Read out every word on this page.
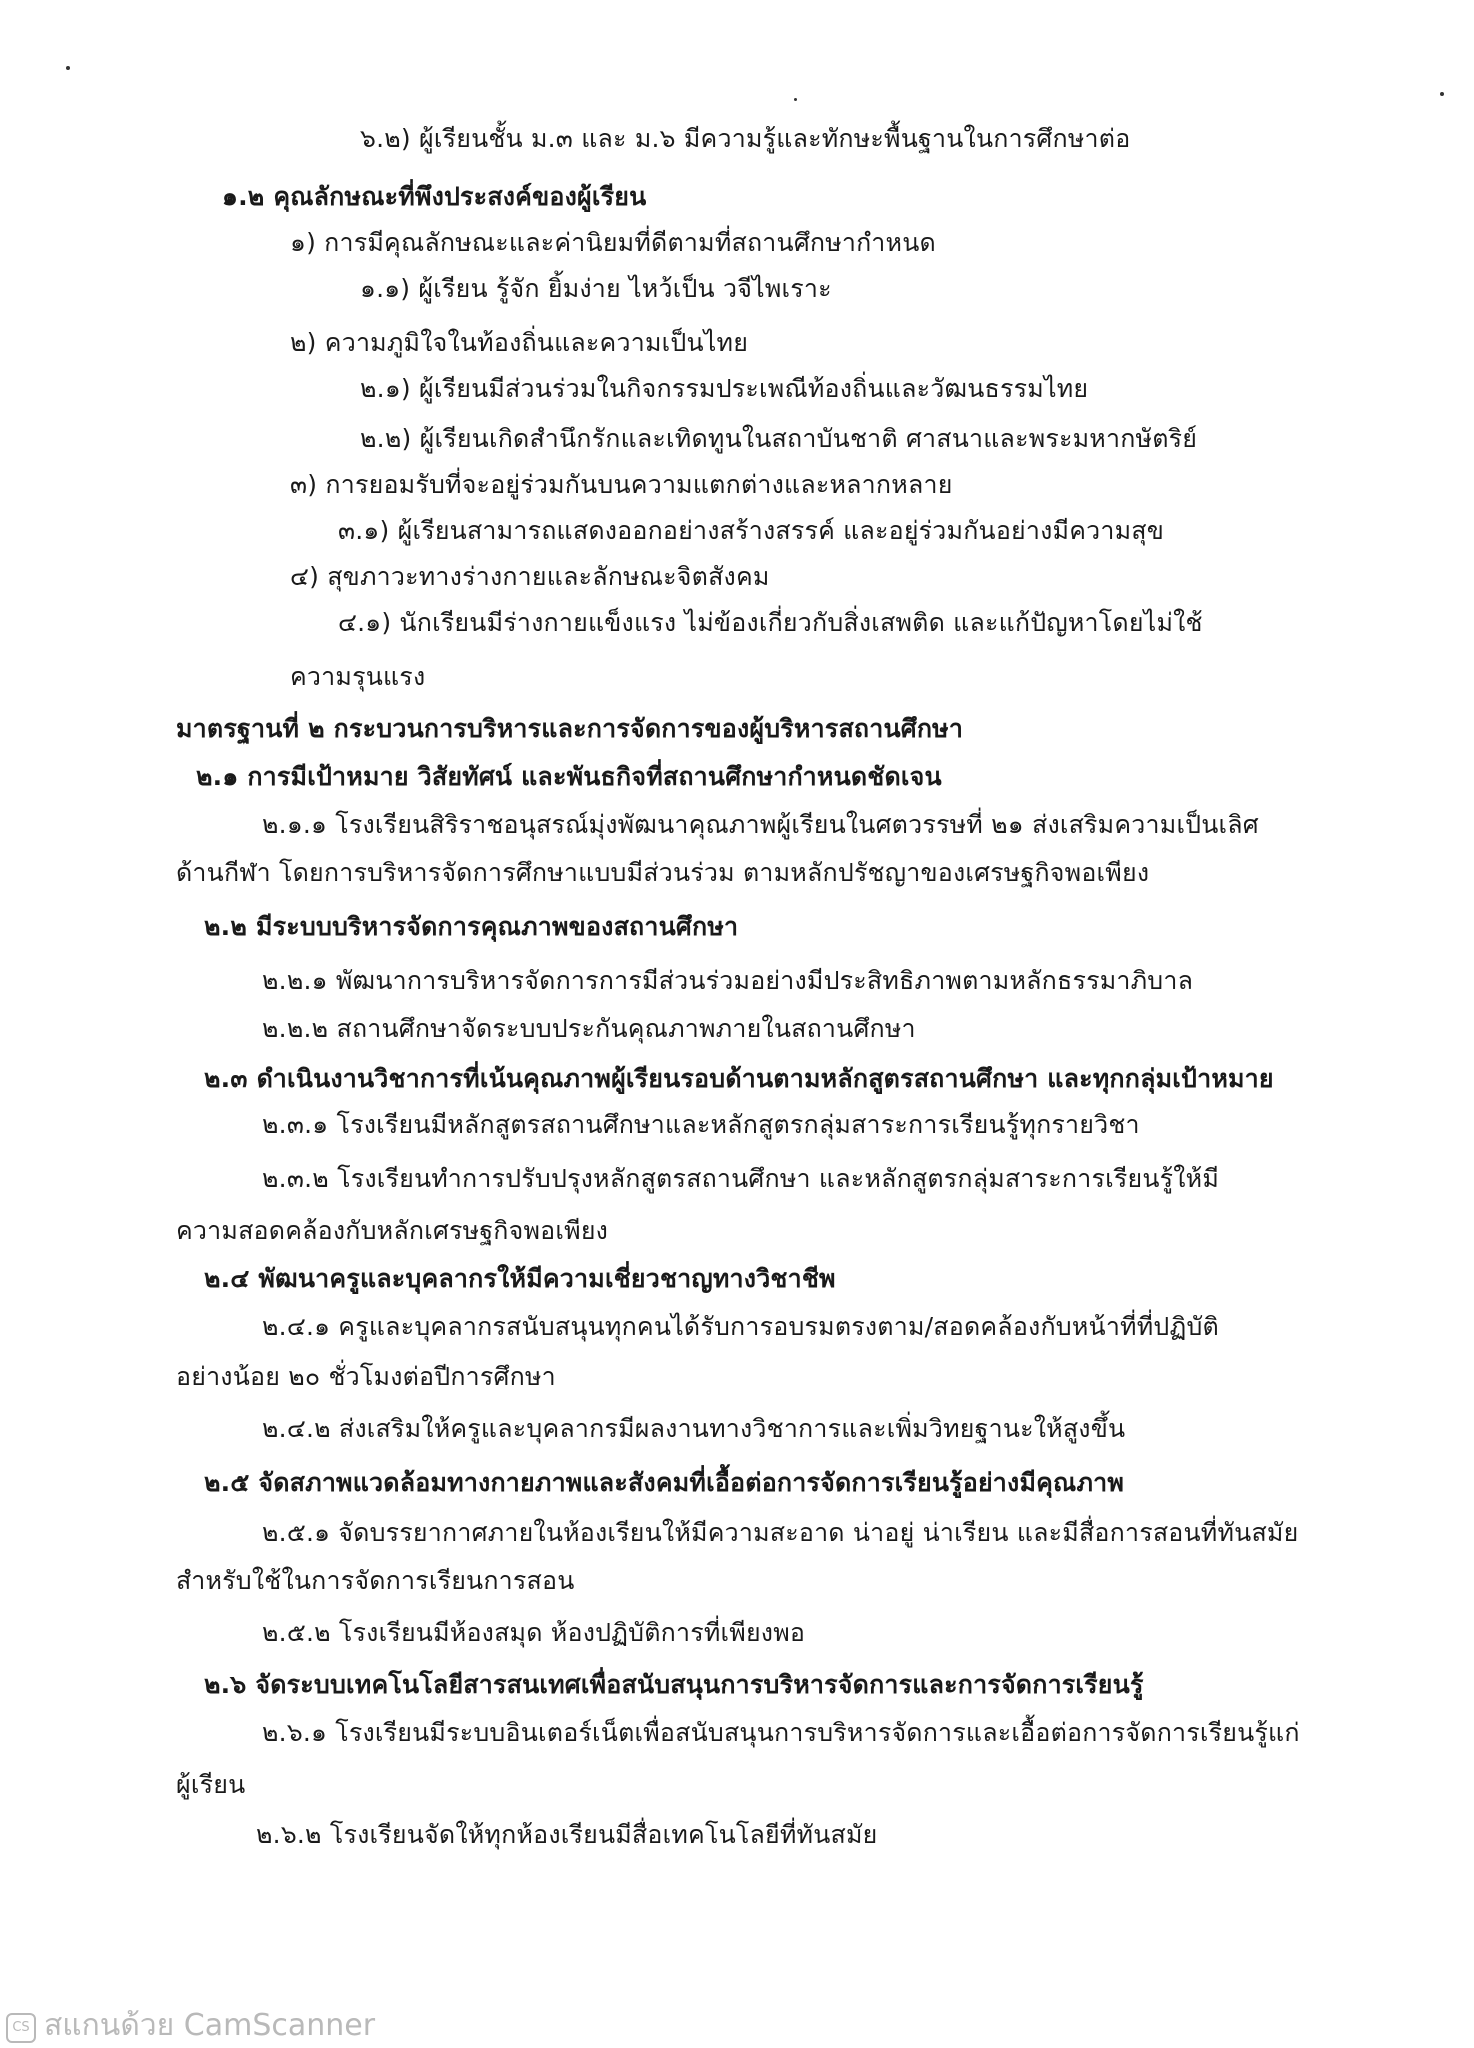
๖.๒) ผู้เรียนชั้น ม.๓ และ ม.๖ มีความรู้และทักษะพื้นฐานในการศึกษาต่อ
๑.๒ คุณลักษณะที่พึงประสงค์ของผู้เรียน
๑) การมีคุณลักษณะและค่านิยมที่ดีตามที่สถานศึกษากำหนด
๑.๑) ผู้เรียน รู้จัก ยิ้มง่าย ไหว้เป็น วจีไพเราะ
๒) ความภูมิใจในท้องถิ่นและความเป็นไทย
๒.๑) ผู้เรียนมีส่วนร่วมในกิจกรรมประเพณีท้องถิ่นและวัฒนธรรมไทย
๒.๒) ผู้เรียนเกิดสำนึกรักและเทิดทูนในสถาบันชาติ ศาสนาและพระมหากษัตริย์
๓) การยอมรับที่จะอยู่ร่วมกันบนความแตกต่างและหลากหลาย
๓.๑) ผู้เรียนสามารถแสดงออกอย่างสร้างสรรค์ และอยู่ร่วมกันอย่างมีความสุข
๔) สุขภาวะทางร่างกายและลักษณะจิตสังคม
๔.๑) นักเรียนมีร่างกายแข็งแรง ไม่ข้องเกี่ยวกับสิ่งเสพติด และแก้ปัญหาโดยไม่ใช้
ความรุนแรง
มาตรฐานที่ ๒ กระบวนการบริหารและการจัดการของผู้บริหารสถานศึกษา
๒.๑ การมีเป้าหมาย วิสัยทัศน์ และพันธกิจที่สถานศึกษากำหนดชัดเจน
๒.๑.๑ โรงเรียนสิริราชอนุสรณ์มุ่งพัฒนาคุณภาพผู้เรียนในศตวรรษที่ ๒๑ ส่งเสริมความเป็นเลิศ
ด้านกีฬา โดยการบริหารจัดการศึกษาแบบมีส่วนร่วม ตามหลักปรัชญาของเศรษฐกิจพอเพียง
๒.๒ มีระบบบริหารจัดการคุณภาพของสถานศึกษา
๒.๒.๑ พัฒนาการบริหารจัดการการมีส่วนร่วมอย่างมีประสิทธิภาพตามหลักธรรมาภิบาล
๒.๒.๒ สถานศึกษาจัดระบบประกันคุณภาพภายในสถานศึกษา
๒.๓ ดำเนินงานวิชาการที่เน้นคุณภาพผู้เรียนรอบด้านตามหลักสูตรสถานศึกษา และทุกกลุ่มเป้าหมาย
๒.๓.๑ โรงเรียนมีหลักสูตรสถานศึกษาและหลักสูตรกลุ่มสาระการเรียนรู้ทุกรายวิชา
๒.๓.๒ โรงเรียนทำการปรับปรุงหลักสูตรสถานศึกษา และหลักสูตรกลุ่มสาระการเรียนรู้ให้มี
ความสอดคล้องกับหลักเศรษฐกิจพอเพียง
๒.๔ พัฒนาครูและบุคลากรให้มีความเชี่ยวชาญทางวิชาชีพ
๒.๔.๑ ครูและบุคลากรสนับสนุนทุกคนได้รับการอบรมตรงตาม/สอดคล้องกับหน้าที่ที่ปฏิบัติ
อย่างน้อย ๒๐ ชั่วโมงต่อปีการศึกษา
๒.๔.๒ ส่งเสริมให้ครูและบุคลากรมีผลงานทางวิชาการและเพิ่มวิทยฐานะให้สูงขึ้น
๒.๕ จัดสภาพแวดล้อมทางกายภาพและสังคมที่เอื้อต่อการจัดการเรียนรู้อย่างมีคุณภาพ
๒.๕.๑ จัดบรรยากาศภายในห้องเรียนให้มีความสะอาด น่าอยู่ น่าเรียน และมีสื่อการสอนที่ทันสมัย
สำหรับใช้ในการจัดการเรียนการสอน
๒.๕.๒ โรงเรียนมีห้องสมุด ห้องปฏิบัติการที่เพียงพอ
๒.๖ จัดระบบเทคโนโลยีสารสนเทศเพื่อสนับสนุนการบริหารจัดการและการจัดการเรียนรู้
๒.๖.๑ โรงเรียนมีระบบอินเตอร์เน็ตเพื่อสนับสนุนการบริหารจัดการและเอื้อต่อการจัดการเรียนรู้แก่
ผู้เรียน
๒.๖.๒ โรงเรียนจัดให้ทุกห้องเรียนมีสื่อเทคโนโลยีที่ทันสมัย
CS สแกนด้วย CamScanner
